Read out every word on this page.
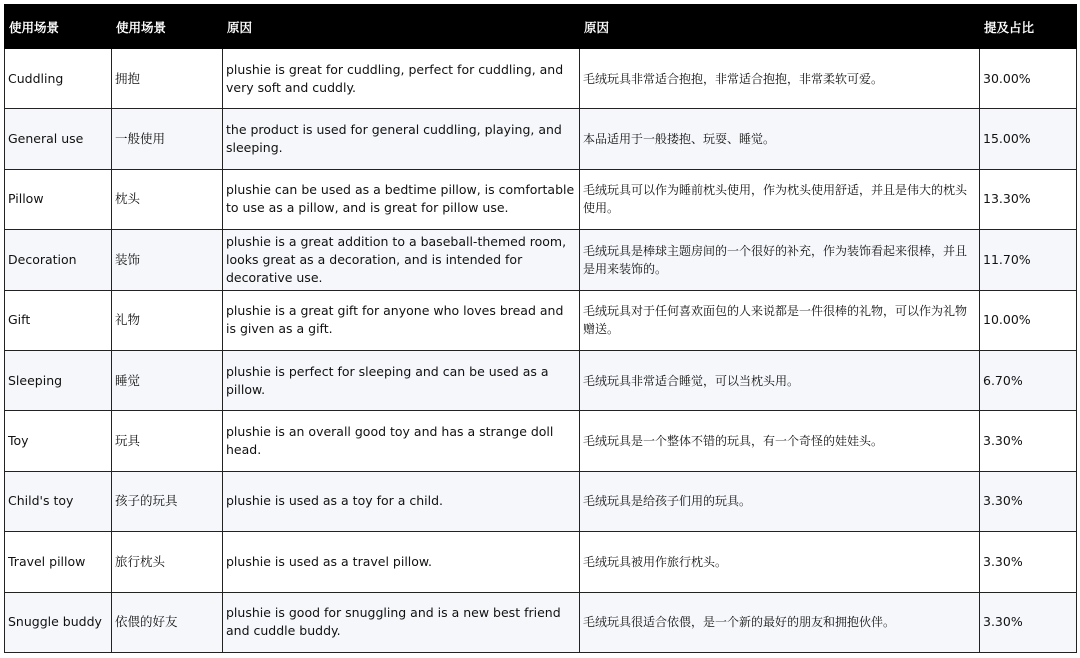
使用场景	使用场景	原因	原因	提及占比
Cuddling	拥抱	plushie is great for cuddling, perfect for cuddling, and very soft and cuddly.	毛绒玩具非常适合抱抱，非常适合抱抱，非常柔软可爱。	30.00%
General use	一般使用	the product is used for general cuddling, playing, and sleeping.	本品适用于一般搂抱、玩耍、睡觉。	15.00%
Pillow	枕头	plushie can be used as a bedtime pillow, is comfortable to use as a pillow, and is great for pillow use.	毛绒玩具可以作为睡前枕头使用，作为枕头使用舒适，并且是伟大的枕头使用。	13.30%
Decoration	装饰	plushie is a great addition to a baseball-themed room, looks great as a decoration, and is intended for decorative use.	毛绒玩具是棒球主题房间的一个很好的补充，作为装饰看起来很棒，并且是用来装饰的。	11.70%
Gift	礼物	plushie is a great gift for anyone who loves bread and is given as a gift.	毛绒玩具对于任何喜欢面包的人来说都是一件很棒的礼物，可以作为礼物赠送。	10.00%
Sleeping	睡觉	plushie is perfect for sleeping and can be used as a pillow.	毛绒玩具非常适合睡觉，可以当枕头用。	6.70%
Toy	玩具	plushie is an overall good toy and has a strange doll head.	毛绒玩具是一个整体不错的玩具，有一个奇怪的娃娃头。	3.30%
Child's toy	孩子的玩具	plushie is used as a toy for a child.	毛绒玩具是给孩子们用的玩具。	3.30%
Travel pillow	旅行枕头	plushie is used as a travel pillow.	毛绒玩具被用作旅行枕头。	3.30%
Snuggle buddy	依偎的好友	plushie is good for snuggling and is a new best friend and cuddle buddy.	毛绒玩具很适合依偎，是一个新的最好的朋友和拥抱伙伴。	3.30%
